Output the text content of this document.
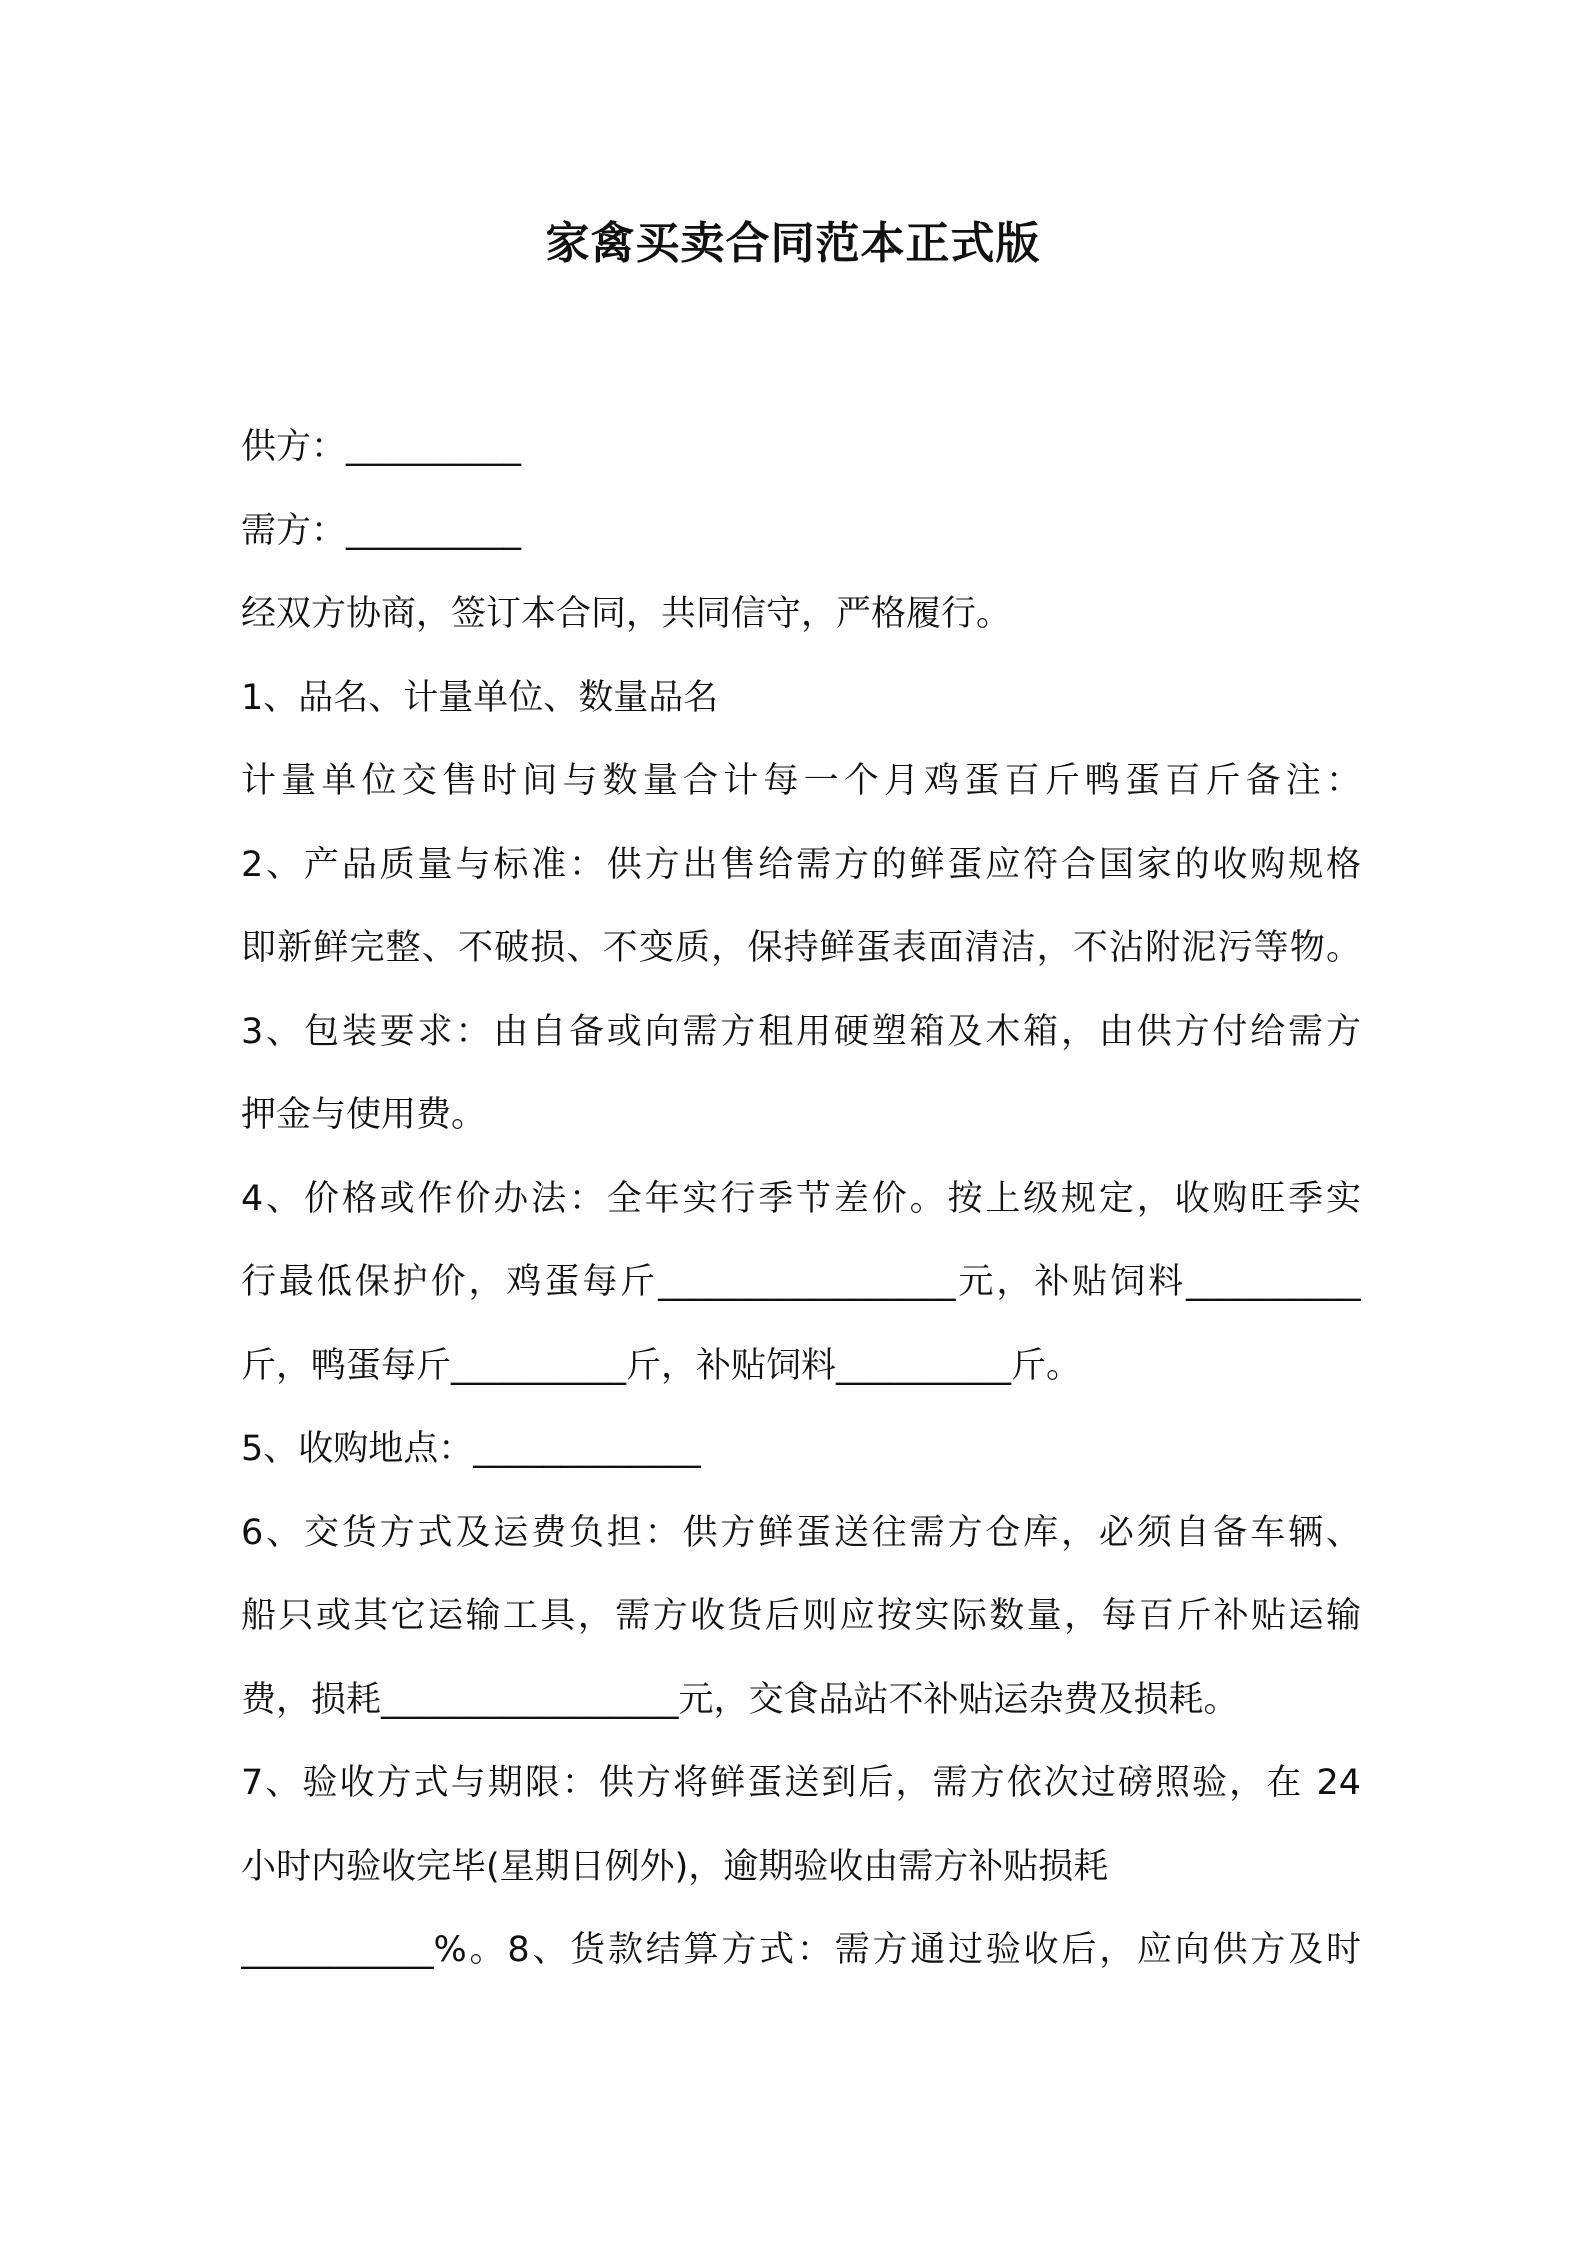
家禽买卖合同范本正式版
供方：__________
需方：__________
经双方协商，签订本合同，共同信守，严格履行。
1、品名、计量单位、数量品名
计量单位交售时间与数量合计每一个月鸡蛋百斤鸭蛋百斤备注：
2、产品质量与标准：供方出售给需方的鲜蛋应符合国家的收购规格
即新鲜完整、不破损、不变质，保持鲜蛋表面清洁，不沾附泥污等物。
3、包装要求：由自备或向需方租用硬塑箱及木箱，由供方付给需方
押金与使用费。
4、价格或作价办法：全年实行季节差价。按上级规定，收购旺季实
行最低保护价，鸡蛋每斤_________________元，补贴饲料__________
斤，鸭蛋每斤__________斤，补贴饲料__________斤。
5、收购地点：_____________
6、交货方式及运费负担：供方鲜蛋送往需方仓库，必须自备车辆、
船只或其它运输工具，需方收货后则应按实际数量，每百斤补贴运输
费，损耗_________________元，交食品站不补贴运杂费及损耗。
7、验收方式与期限：供方将鲜蛋送到后，需方依次过磅照验，在 24
小时内验收完毕(星期日例外)，逾期验收由需方补贴损耗
___________%。8、货款结算方式：需方通过验收后，应向供方及时
